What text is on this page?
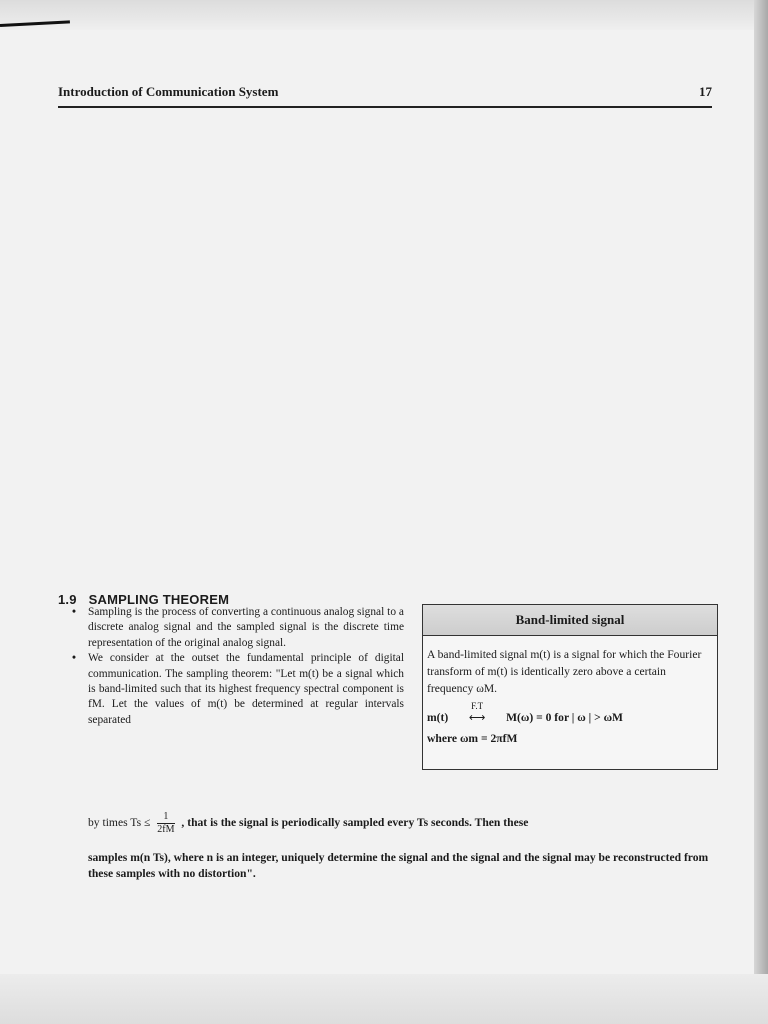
Introduction of Communication System	17
1.9 SAMPLING THEOREM
• Sampling is the process of converting a continuous analog signal to a discrete analog signal and the sampled signal is the discrete time representation of the original analog signal.
• We consider at the outset the fundamental principle of digital communication. The sampling theorem: "Let m(t) be a signal which is band-limited such that its highest frequency spectral component is fM. Let the values of m(t) be determined at regular intervals separated
Band-limited signal
A band-limited signal m(t) is a signal for which the Fourier transform of m(t) is identically zero above a certain frequency ωM.
m(t)
F.T
⟷ M(ω) = 0 for | ω | > ωM
where ωm = 2πfM
by times $Ts \le \frac{1}{2fM}$ , that is the signal is periodically sampled every Ts seconds. Then these
samples m(n Ts), where n is an integer, uniquely determine the signal and the signal and the signal may be reconstructed from these samples with no distortion".
